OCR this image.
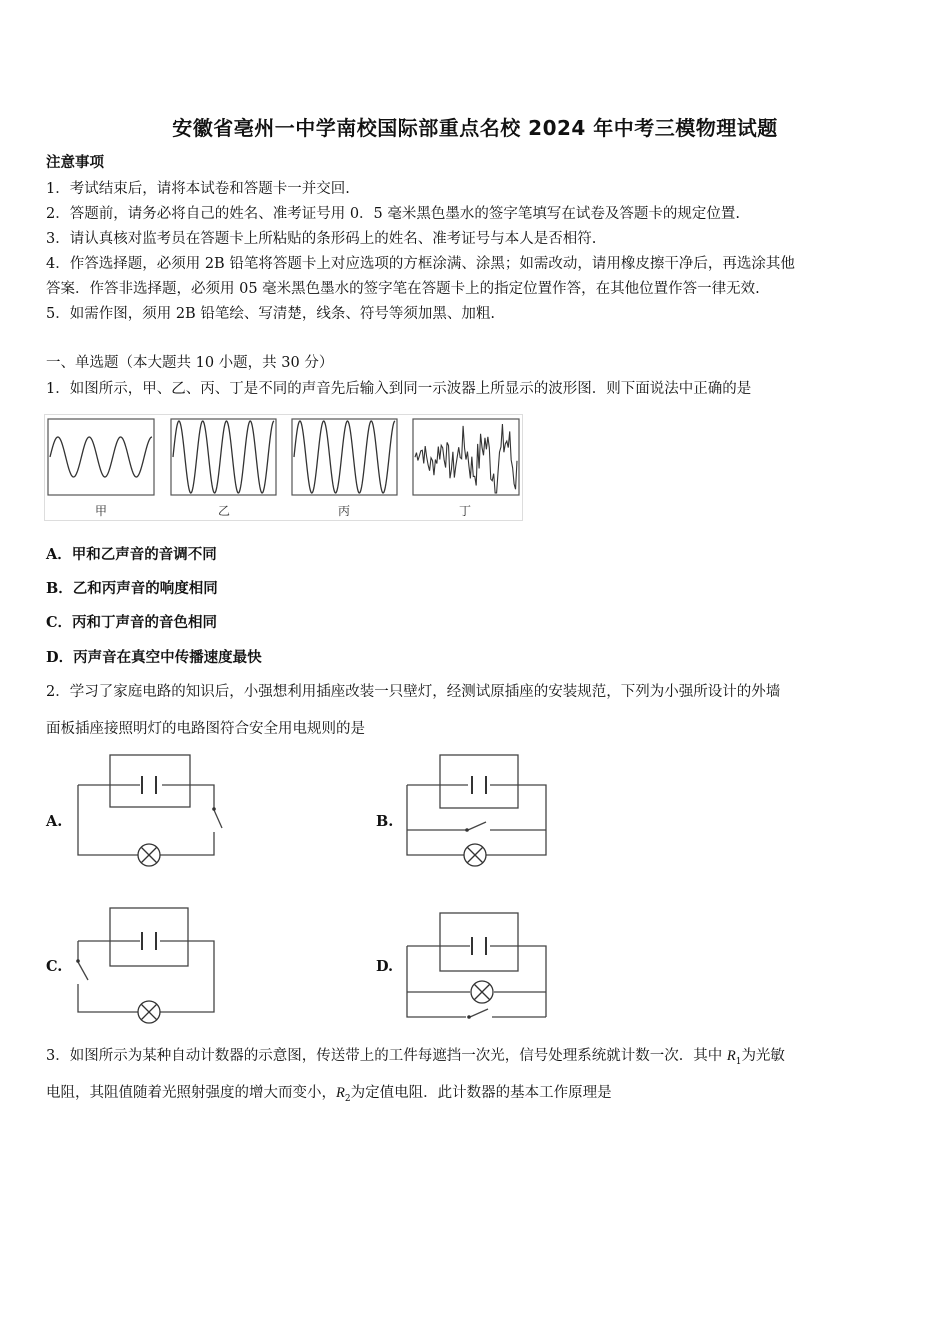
安徽省亳州一中学南校国际部重点名校 2024 年中考三模物理试题
注意事项
1．考试结束后，请将本试卷和答题卡一并交回.
2．答题前，请务必将自己的姓名、准考证号用 0．5 毫米黑色墨水的签字笔填写在试卷及答题卡的规定位置.
3．请认真核对监考员在答题卡上所粘贴的条形码上的姓名、准考证号与本人是否相符.
4．作答选择题，必须用 2B 铅笔将答题卡上对应选项的方框涂满、涂黑；如需改动，请用橡皮擦干净后，再选涂其他
答案．作答非选择题，必须用 05 毫米黑色墨水的签字笔在答题卡上的指定位置作答，在其他位置作答一律无效.
5．如需作图，须用 2B 铅笔绘、写清楚，线条、符号等须加黑、加粗.
一、单选题（本大题共 10 小题，共 30 分）
1．如图所示，甲、乙、丙、丁是不同的声音先后输入到同一示波器上所显示的波形图．则下面说法中正确的是
甲	乙	丙	丁
A．甲和乙声音的音调不同
B．乙和丙声音的响度相同
C．丙和丁声音的音色相同
D．丙声音在真空中传播速度最快
2．学习了家庭电路的知识后，小强想利用插座改装一只壁灯，经测试原插座的安装规范，下列为小强所设计的外墙
面板插座接照明灯的电路图符合安全用电规则的是
A.	B.
C.	D.
3．如图所示为某种自动计数器的示意图，传送带上的工件每遮挡一次光，信号处理系统就计数一次．其中 $R_1$为光敏
电阻，其阻值随着光照射强度的增大而变小，$R_2$为定值电阻．此计数器的基本工作原理是
